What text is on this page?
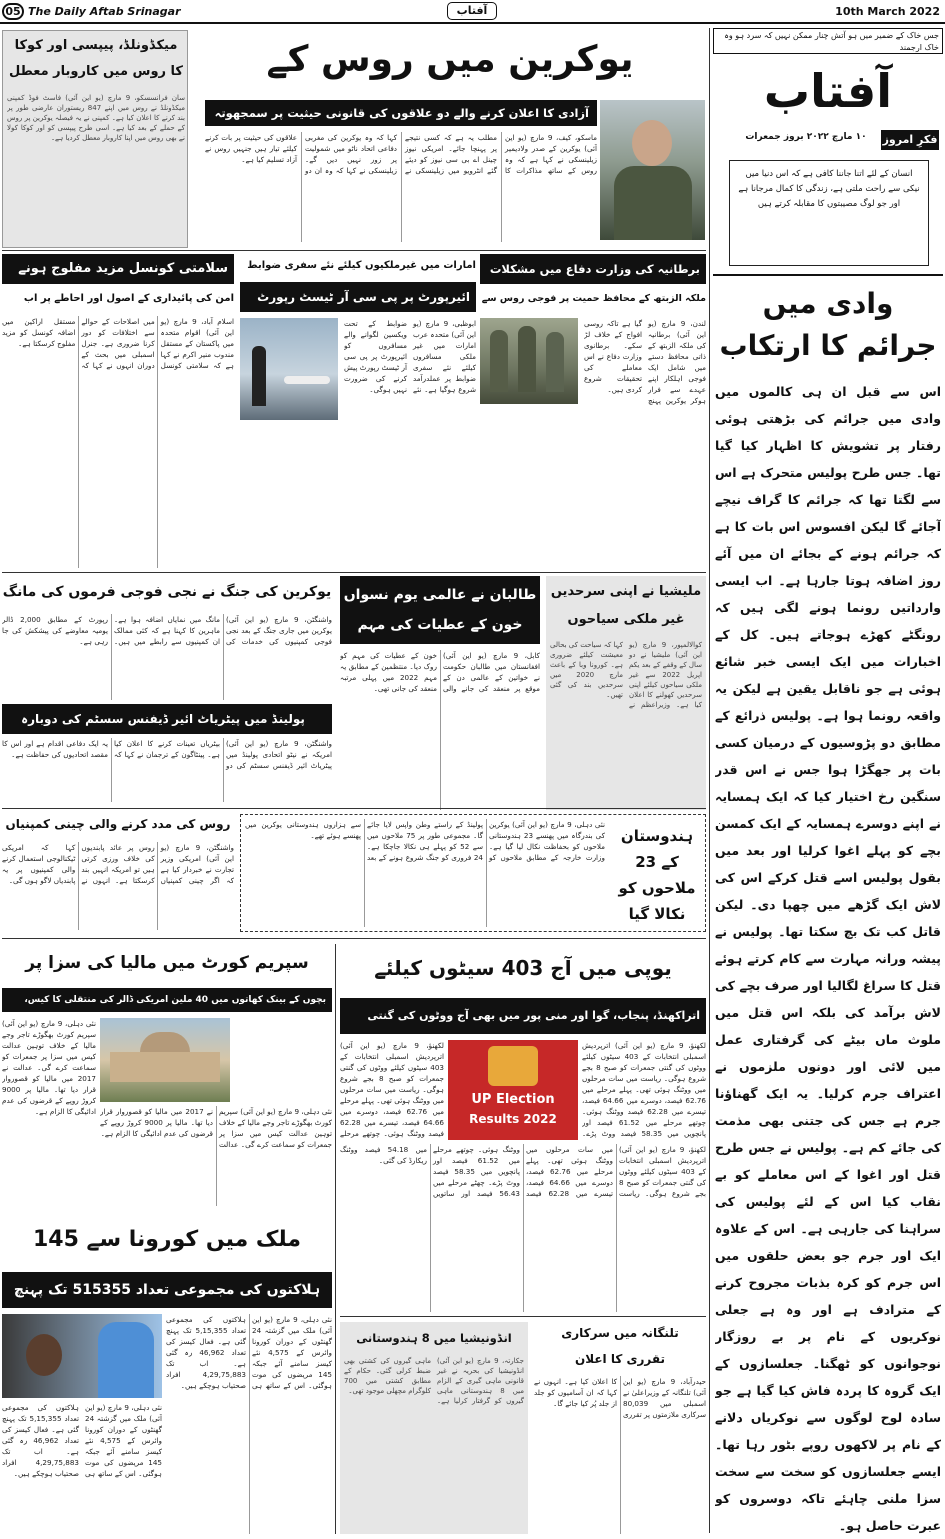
05 The Daily Aftab Srinagar	آفتاب	10th March 2022
جس خاک کے ضمیر میں ہو آتش چنار ممکن نہیں کہ سرد ہو وہ خاک ارجمند
آفتاب
فکرِ امروز
۱۰ مارچ ۲۰۲۲ بروز جمعرات
انسان کے لئے اتنا جاننا کافی ہے کہ اس دنیا میں نیکی سے راحت ملتی ہے، زندگی کا کمال مرجانا ہے اور جو لوگ مصیبتوں کا مقابلہ کرتے ہیں
وادی میں
جرائم کا ارتکاب
اس سے قبل ان ہی کالموں میں وادی میں جرائم کی بڑھتی ہوئی رفتار پر تشویش کا اظہار کیا گیا تھا۔ جس طرح پولیس متحرک ہے اس سے لگتا تھا کہ جرائم کا گراف نیچے آجائے گا لیکن افسوس اس بات کا ہے کہ جرائم ہونے کے بجائے ان میں آئے روز اضافہ ہوتا جارہا ہے۔ اب ایسی وارداتیں رونما ہونے لگی ہیں کہ رونگٹے کھڑے ہوجاتے ہیں۔ کل کے اخبارات میں ایک ایسی خبر شائع ہوئی ہے جو ناقابل یقین ہے لیکن یہ واقعہ رونما ہوا ہے۔ پولیس ذرائع کے مطابق دو پڑوسیوں کے درمیان کسی بات پر جھگڑا ہوا جس نے اس قدر سنگین رخ اختیار کیا کہ ایک ہمسایہ نے اپنے دوسرے ہمسایہ کے ایک کمسن بچے کو پہلے اغوا کرلیا اور بعد میں بقول پولیس اسے قتل کرکے اس کی لاش ایک گڑھے میں چھپا دی۔ لیکن قاتل کب تک بچ سکتا تھا۔ پولیس نے پیشہ ورانہ مہارت سے کام کرتے ہوئے قتل کا سراغ لگالیا اور صرف بچے کی لاش برآمد کی بلکہ اس قتل میں ملوث ماں بیٹے کی گرفتاری عمل میں لائی اور دونوں ملزموں نے اعتراف جرم کرلیا۔ یہ ایک گھناؤنا جرم ہے جس کی جتنی بھی مذمت کی جائے کم ہے۔ پولیس نے جس طرح قتل اور اغوا کے اس معاملے کو بے نقاب کیا اس کے لئے پولیس کی سراہنا کی جارہی ہے۔ اس کے علاوہ ایک اور جرم جو بعض حلقوں میں اس جرم کو کرہ بذبات مجروح کرنے کے مترادف ہے اور وہ ہے جعلی نوکریوں کے نام پر بے روزگار نوجوانوں کو ٹھگنا۔ جعلسازوں کے ایک گروہ کا پردہ فاش کیا گیا ہے جو سادہ لوح لوگوں سے نوکریاں دلانے کے نام پر لاکھوں روپے بٹور رہا تھا۔ ایسے جعلسازوں کو سخت سے سخت سزا ملنی چاہئے تاکہ دوسروں کو عبرت حاصل ہو۔
میکڈونلڈ، پیپسی اور کوکا
کا روس میں کاروبار معطل
سان فرانسسکو، 9 مارچ (یو این آئی) فاسٹ فوڈ کمپنی میکڈونلڈ نے روس میں اپنے 847 ریستوران عارضی طور پر بند کرنے کا اعلان کیا ہے۔ کمپنی نے یہ فیصلہ یوکرین پر روس کے حملے کے بعد کیا ہے۔ اسی طرح پیپسی کو اور کوکا کولا نے بھی روس میں اپنا کاروبار معطل کردیا ہے۔
یوکرین میں روس کے
آزادی کا اعلان کرنے والے دو علاقوں کی قانونی حیثیت پر سمجھوتہ
ماسکو، کیف، 9 مارچ (یو این آئی) یوکرین کے صدر ولادیمیر زیلینسکی نے کہا ہے کہ وہ روس کے ساتھ مذاکرات کا مطلب یہ ہے کہ کسی نتیجے پر پہنچا جائے۔ امریکی نیوز چینل اے بی سی نیوز کو دیئے گئے انٹرویو میں زیلینسکی نے کہا کہ وہ یوکرین کی مغربی دفاعی اتحاد ناٹو میں شمولیت پر زور نہیں دیں گے۔ زیلینسکی نے کہا کہ وہ ان دو علاقوں کی حیثیت پر بات کرنے کیلئے تیار ہیں جنہیں روس نے آزاد تسلیم کیا ہے۔
سلامتی کونسل مزید مفلوج ہونے
امن کی پائیداری کے اصول اور احاطے پر اب
اسلام آباد، 9 مارچ (یو این آئی) اقوام متحدہ میں پاکستان کے مستقل مندوب منیر اکرم نے کہا ہے کہ سلامتی کونسل میں اصلاحات کے حوالے سے اختلافات کو دور کرنا ضروری ہے۔ جنرل اسمبلی میں بحث کے دوران انہوں نے کہا کہ مستقل اراکین میں اضافہ کونسل کو مزید مفلوج کرسکتا ہے۔
امارات میں غیرملکیوں کیلئے نئے سفری ضوابط
ائیرپورٹ پر پی سی آر ٹیسٹ رپورٹ
ابوظبی، 9 مارچ (یو این آئی) متحدہ عرب امارات میں غیر ملکی مسافروں کیلئے نئے سفری ضوابط پر عملدرآمد شروع ہوگیا ہے۔ نئے ضوابط کے تحت ویکسین لگوانے والے مسافروں کو ائیرپورٹ پر پی سی آر ٹیسٹ رپورٹ پیش کرنے کی ضرورت نہیں ہوگی۔
برطانیہ کی وزارت دفاع میں مشکلات
ملکہ الزبتھ کے محافظ حمیت پر فوجی روس سے
لندن، 9 مارچ (یو این آئی) برطانیہ کی ملکہ الزبتھ کے ذاتی محافظ دستے میں شامل ایک فوجی اہلکار اپنے عہدے سے فرار ہوکر یوکرین پہنچ گیا ہے تاکہ روسی افواج کے خلاف لڑ سکے۔ برطانوی وزارت دفاع نے اس معاملے کی تحقیقات شروع کردی ہیں۔
یوکرین کی جنگ نے نجی فوجی فرموں کی مانگ
واشنگٹن، 9 مارچ (یو این آئی) یوکرین میں جاری جنگ کے بعد نجی فوجی کمپنیوں کی خدمات کی مانگ میں نمایاں اضافہ ہوا ہے۔ ماہرین کا کہنا ہے کہ کئی ممالک ان کمپنیوں سے رابطے میں ہیں۔ رپورٹ کے مطابق 2,000 ڈالر یومیہ معاوضے کی پیشکش کی جا رہی ہے۔
طالبان نے عالمی یوم نسواں
خون کے عطیات کی مہم
کابل، 9 مارچ (یو این آئی) افغانستان میں طالبان حکومت نے خواتین کے عالمی دن کے موقع پر منعقد کی جانے والی خون کے عطیات کی مہم کو روک دیا۔ منتظمین کے مطابق یہ مہم 2022 میں پہلی مرتبہ منعقد کی جانی تھی۔
ملیشیا نے اپنی سرحدیں
غیر ملکی سیاحوں
کوالالمپور، 9 مارچ (یو این آئی) ملیشیا نے دو سال کے وقفے کے بعد یکم اپریل 2022 سے غیر ملکی سیاحوں کیلئے اپنی سرحدیں کھولنے کا اعلان کیا ہے۔ وزیراعظم نے کہا کہ سیاحت کی بحالی معیشت کیلئے ضروری ہے۔ کورونا وبا کے باعث مارچ 2020 میں سرحدیں بند کی گئی تھیں۔
پولینڈ میں پیٹریاٹ ائیر ڈیفنس سسٹم کی دوبارہ
واشنگٹن، 9 مارچ (یو این آئی) امریکہ نے نیٹو اتحادی پولینڈ میں پیٹریاٹ ائیر ڈیفنس سسٹم کی دو بیٹریاں تعینات کرنے کا اعلان کیا ہے۔ پینٹاگون کے ترجمان نے کہا کہ یہ ایک دفاعی اقدام ہے اور اس کا مقصد اتحادیوں کی حفاظت ہے۔
روس کی مدد کرنے والی چینی کمپنیاں
واشنگٹن، 9 مارچ (یو این آئی) امریکی وزیر تجارت نے خبردار کیا ہے کہ اگر چینی کمپنیاں روس پر عائد پابندیوں کی خلاف ورزی کرتی ہیں تو امریکہ انہیں بند کرسکتا ہے۔ انہوں نے کہا کہ امریکی ٹیکنالوجی استعمال کرنے والی کمپنیوں پر یہ پابندیاں لاگو ہوں گی۔
نئی دہلی، 9 مارچ (یو این آئی) یوکرین کی بندرگاہ میں پھنسے 23 ہندوستانی ملاحوں کو بحفاظت نکال لیا گیا ہے۔ وزارت خارجہ کے مطابق ملاحوں کو پولینڈ کے راستے وطن واپس لایا جائے گا۔ مجموعی طور پر 75 ملاحوں میں سے 52 کو پہلے ہی نکالا جاچکا ہے۔ 24 فروری کو جنگ شروع ہونے کے بعد سے ہزاروں ہندوستانی یوکرین میں پھنسے ہوئے تھے۔	ہندوستان کے 23 ملاحوں کو نکالا گیا
سپریم کورٹ میں مالیا کی سزا پر
بچوں کے بینک کھاتوں میں 40 ملین امریکی ڈالر کی منتقلی کا کیس،
نئی دہلی، 9 مارچ (یو این آئی) سپریم کورٹ بھگوڑے تاجر وجے مالیا کے خلاف توہین عدالت کیس میں سزا پر جمعرات کو سماعت کرے گی۔ عدالت نے 2017 میں مالیا کو قصوروار قرار دیا تھا۔ مالیا پر 9000 کروڑ روپے کے قرضوں کی عدم ادائیگی کا الزام ہے۔	نئی دہلی، 9 مارچ (یو این آئی) سپریم کورٹ بھگوڑے تاجر وجے مالیا کے خلاف توہین عدالت کیس میں سزا پر جمعرات کو سماعت کرے گی۔ عدالت نے 2017 میں مالیا کو قصوروار قرار دیا تھا۔ مالیا پر 9000 کروڑ روپے کے قرضوں کی عدم ادائیگی کا الزام ہے۔
ملک میں کورونا سے 145
ہلاکتوں کی مجموعی تعداد 515355 تک پہنچ
نئی دہلی، 9 مارچ (یو این آئی) ملک میں گزشتہ 24 گھنٹوں کے دوران کورونا وائرس کے 4,575 نئے کیسز سامنے آئے جبکہ 145 مریضوں کی موت ہوگئی۔ اس کے ساتھ ہی ہلاکتوں کی مجموعی تعداد 5,15,355 تک پہنچ گئی ہے۔ فعال کیسز کی تعداد 46,962 رہ گئی ہے۔ اب تک 4,29,75,883 افراد صحتیاب ہوچکے ہیں۔
نئی دہلی، 9 مارچ (یو این آئی) ملک میں گزشتہ 24 گھنٹوں کے دوران کورونا وائرس کے 4,575 نئے کیسز سامنے آئے جبکہ 145 مریضوں کی موت ہوگئی۔ اس کے ساتھ ہی ہلاکتوں کی مجموعی تعداد 5,15,355 تک پہنچ گئی ہے۔ فعال کیسز کی تعداد 46,962 رہ گئی ہے۔ اب تک 4,29,75,883 افراد صحتیاب ہوچکے ہیں۔
یوپی میں آج 403 سیٹوں کیلئے
اتراکھنڈ، پنجاب، گوا اور منی پور میں بھی آج ووٹوں کی گنتی
UP Election
Results 2022
لکھنؤ، 9 مارچ (یو این آئی) اترپردیش اسمبلی انتخابات کے 403 سیٹوں کیلئے ووٹوں کی گنتی جمعرات کو صبح 8 بجے شروع ہوگی۔ ریاست میں سات مرحلوں میں ووٹنگ ہوئی تھی۔ پہلے مرحلے میں 62.76 فیصد، دوسرے میں 64.66 فیصد، تیسرے میں 62.28 فیصد ووٹنگ ہوئی۔ چوتھے مرحلے میں 61.52 فیصد اور پانچویں میں 58.35 فیصد ووٹ پڑے۔
لکھنؤ، 9 مارچ (یو این آئی) اترپردیش اسمبلی انتخابات کے 403 سیٹوں کیلئے ووٹوں کی گنتی جمعرات کو صبح 8 بجے شروع ہوگی۔ ریاست میں سات مرحلوں میں ووٹنگ ہوئی تھی۔ پہلے مرحلے میں 62.76 فیصد، دوسرے میں 64.66 فیصد، تیسرے میں 62.28 فیصد ووٹنگ ہوئی۔ چوتھے مرحلے
لکھنؤ، 9 مارچ (یو این آئی) اترپردیش اسمبلی انتخابات کے 403 سیٹوں کیلئے ووٹوں کی گنتی جمعرات کو صبح 8 بجے شروع ہوگی۔ ریاست میں سات مرحلوں میں ووٹنگ ہوئی تھی۔ پہلے مرحلے میں 62.76 فیصد، دوسرے میں 64.66 فیصد، تیسرے میں 62.28 فیصد ووٹنگ ہوئی۔ چوتھے مرحلے میں 61.52 فیصد اور پانچویں میں 58.35 فیصد ووٹ پڑے۔ چھٹے مرحلے میں 56.43 فیصد اور ساتویں میں 54.18 فیصد ووٹنگ ریکارڈ کی گئی۔
انڈونیشیا میں 8 ہندوستانی
جکارتہ، 9 مارچ (یو این آئی) انڈونیشیا کی بحریہ نے غیر قانونی ماہی گیری کے الزام میں 8 ہندوستانی ماہی گیروں کو گرفتار کرلیا ہے۔ ماہی گیروں کی کشتی بھی ضبط کرلی گئی۔ حکام کے مطابق کشتی میں 700 کلوگرام مچھلی موجود تھی۔
تلنگانہ میں سرکاری
تقرری کا اعلان
حیدرآباد، 9 مارچ (یو این آئی) تلنگانہ کے وزیراعلیٰ نے اسمبلی میں 80,039 سرکاری ملازمتوں پر تقرری کا اعلان کیا ہے۔ انہوں نے کہا کہ ان آسامیوں کو جلد از جلد پُر کیا جائے گا۔
